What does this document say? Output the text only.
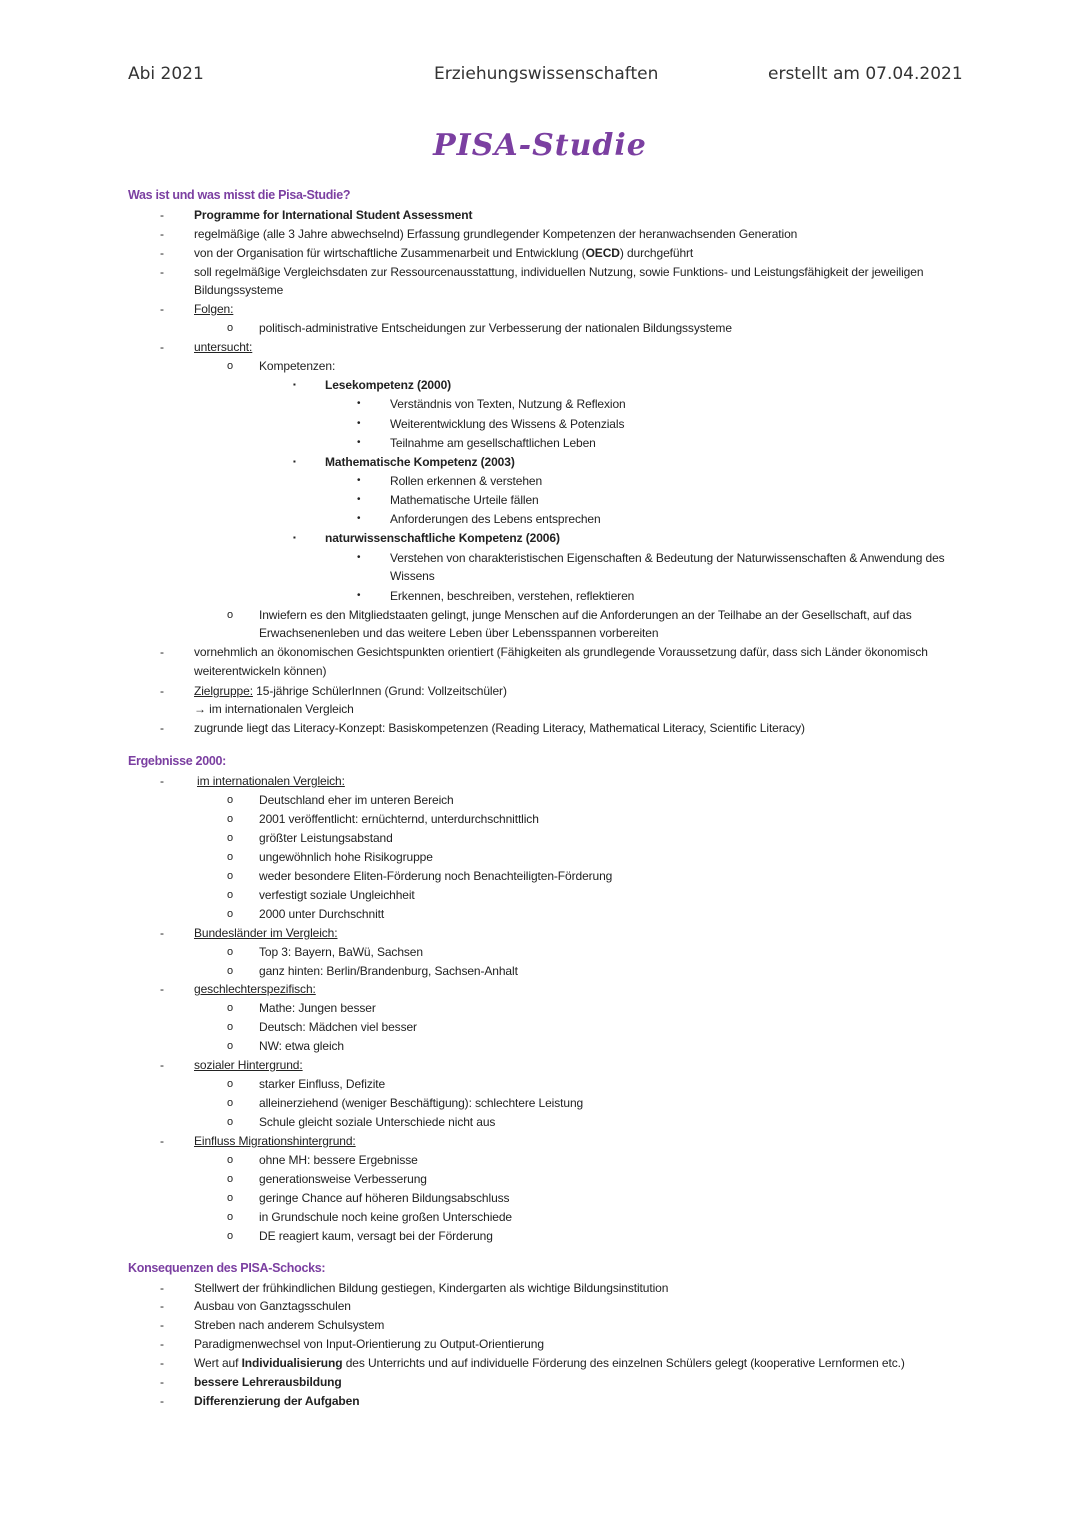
Abi 2021	Erziehungswissenschaften	erstellt am 07.04.2021
PISA-Studie
Was ist und was misst die Pisa-Studie?
-	Programme for International Student Assessment
-	regelmäßige (alle 3 Jahre abwechselnd) Erfassung grundlegender Kompetenzen der heranwachsenden Generation
-	von der Organisation für wirtschaftliche Zusammenarbeit und Entwicklung (OECD) durchgeführt
-	soll regelmäßige Vergleichsdaten zur Ressourcenausstattung, individuellen Nutzung, sowie Funktions- und Leistungsfähigkeit der jeweiligen
Bildungssysteme
-	Folgen:
o politisch-administrative Entscheidungen zur Verbesserung der nationalen Bildungssysteme
-	untersucht:
o Kompetenzen:
▪ Lesekompetenz (2000)
• Verständnis von Texten, Nutzung & Reflexion
• Weiterentwicklung des Wissens & Potenzials
• Teilnahme am gesellschaftlichen Leben
▪ Mathematische Kompetenz (2003)
• Rollen erkennen & verstehen
• Mathematische Urteile fällen
• Anforderungen des Lebens entsprechen
▪ naturwissenschaftliche Kompetenz (2006)
• Verstehen von charakteristischen Eigenschaften & Bedeutung der Naturwissenschaften & Anwendung des
Wissens
• Erkennen, beschreiben, verstehen, reflektieren
o Inwiefern es den Mitgliedstaaten gelingt, junge Menschen auf die Anforderungen an der Teilhabe an der Gesellschaft, auf das
Erwachsenenleben und das weitere Leben über Lebensspannen vorbereiten
-	vornehmlich an ökonomischen Gesichtspunkten orientiert (Fähigkeiten als grundlegende Voraussetzung dafür, dass sich Länder ökonomisch
weiterentwickeln können)
-	Zielgruppe: 15-jährige SchülerInnen (Grund: Vollzeitschüler)
→ im internationalen Vergleich
-	zugrunde liegt das Literacy-Konzept: Basiskompetenzen (Reading Literacy, Mathematical Literacy, Scientific Literacy)
Ergebnisse 2000:
-	im internationalen Vergleich:
o Deutschland eher im unteren Bereich
o 2001 veröffentlicht: ernüchternd, unterdurchschnittlich
o größter Leistungsabstand
o ungewöhnlich hohe Risikogruppe
o weder besondere Eliten-Förderung noch Benachteiligten-Förderung
o verfestigt soziale Ungleichheit
o 2000 unter Durchschnitt
-	Bundesländer im Vergleich:
o Top 3: Bayern, BaWü, Sachsen
o ganz hinten: Berlin/Brandenburg, Sachsen-Anhalt
-	geschlechterspezifisch:
o Mathe: Jungen besser
o Deutsch: Mädchen viel besser
o NW: etwa gleich
-	sozialer Hintergrund:
o starker Einfluss, Defizite
o alleinerziehend (weniger Beschäftigung): schlechtere Leistung
o Schule gleicht soziale Unterschiede nicht aus
-	Einfluss Migrationshintergrund:
o ohne MH: bessere Ergebnisse
o generationsweise Verbesserung
o geringe Chance auf höheren Bildungsabschluss
o in Grundschule noch keine großen Unterschiede
o DE reagiert kaum, versagt bei der Förderung
Konsequenzen des PISA-Schocks:
-	Stellwert der frühkindlichen Bildung gestiegen, Kindergarten als wichtige Bildungsinstitution
-	Ausbau von Ganztagsschulen
-	Streben nach anderem Schulsystem
-	Paradigmenwechsel von Input-Orientierung zu Output-Orientierung
-	Wert auf Individualisierung des Unterrichts und auf individuelle Förderung des einzelnen Schülers gelegt (kooperative Lernformen etc.)
-	bessere Lehrerausbildung
-	Differenzierung der Aufgaben
